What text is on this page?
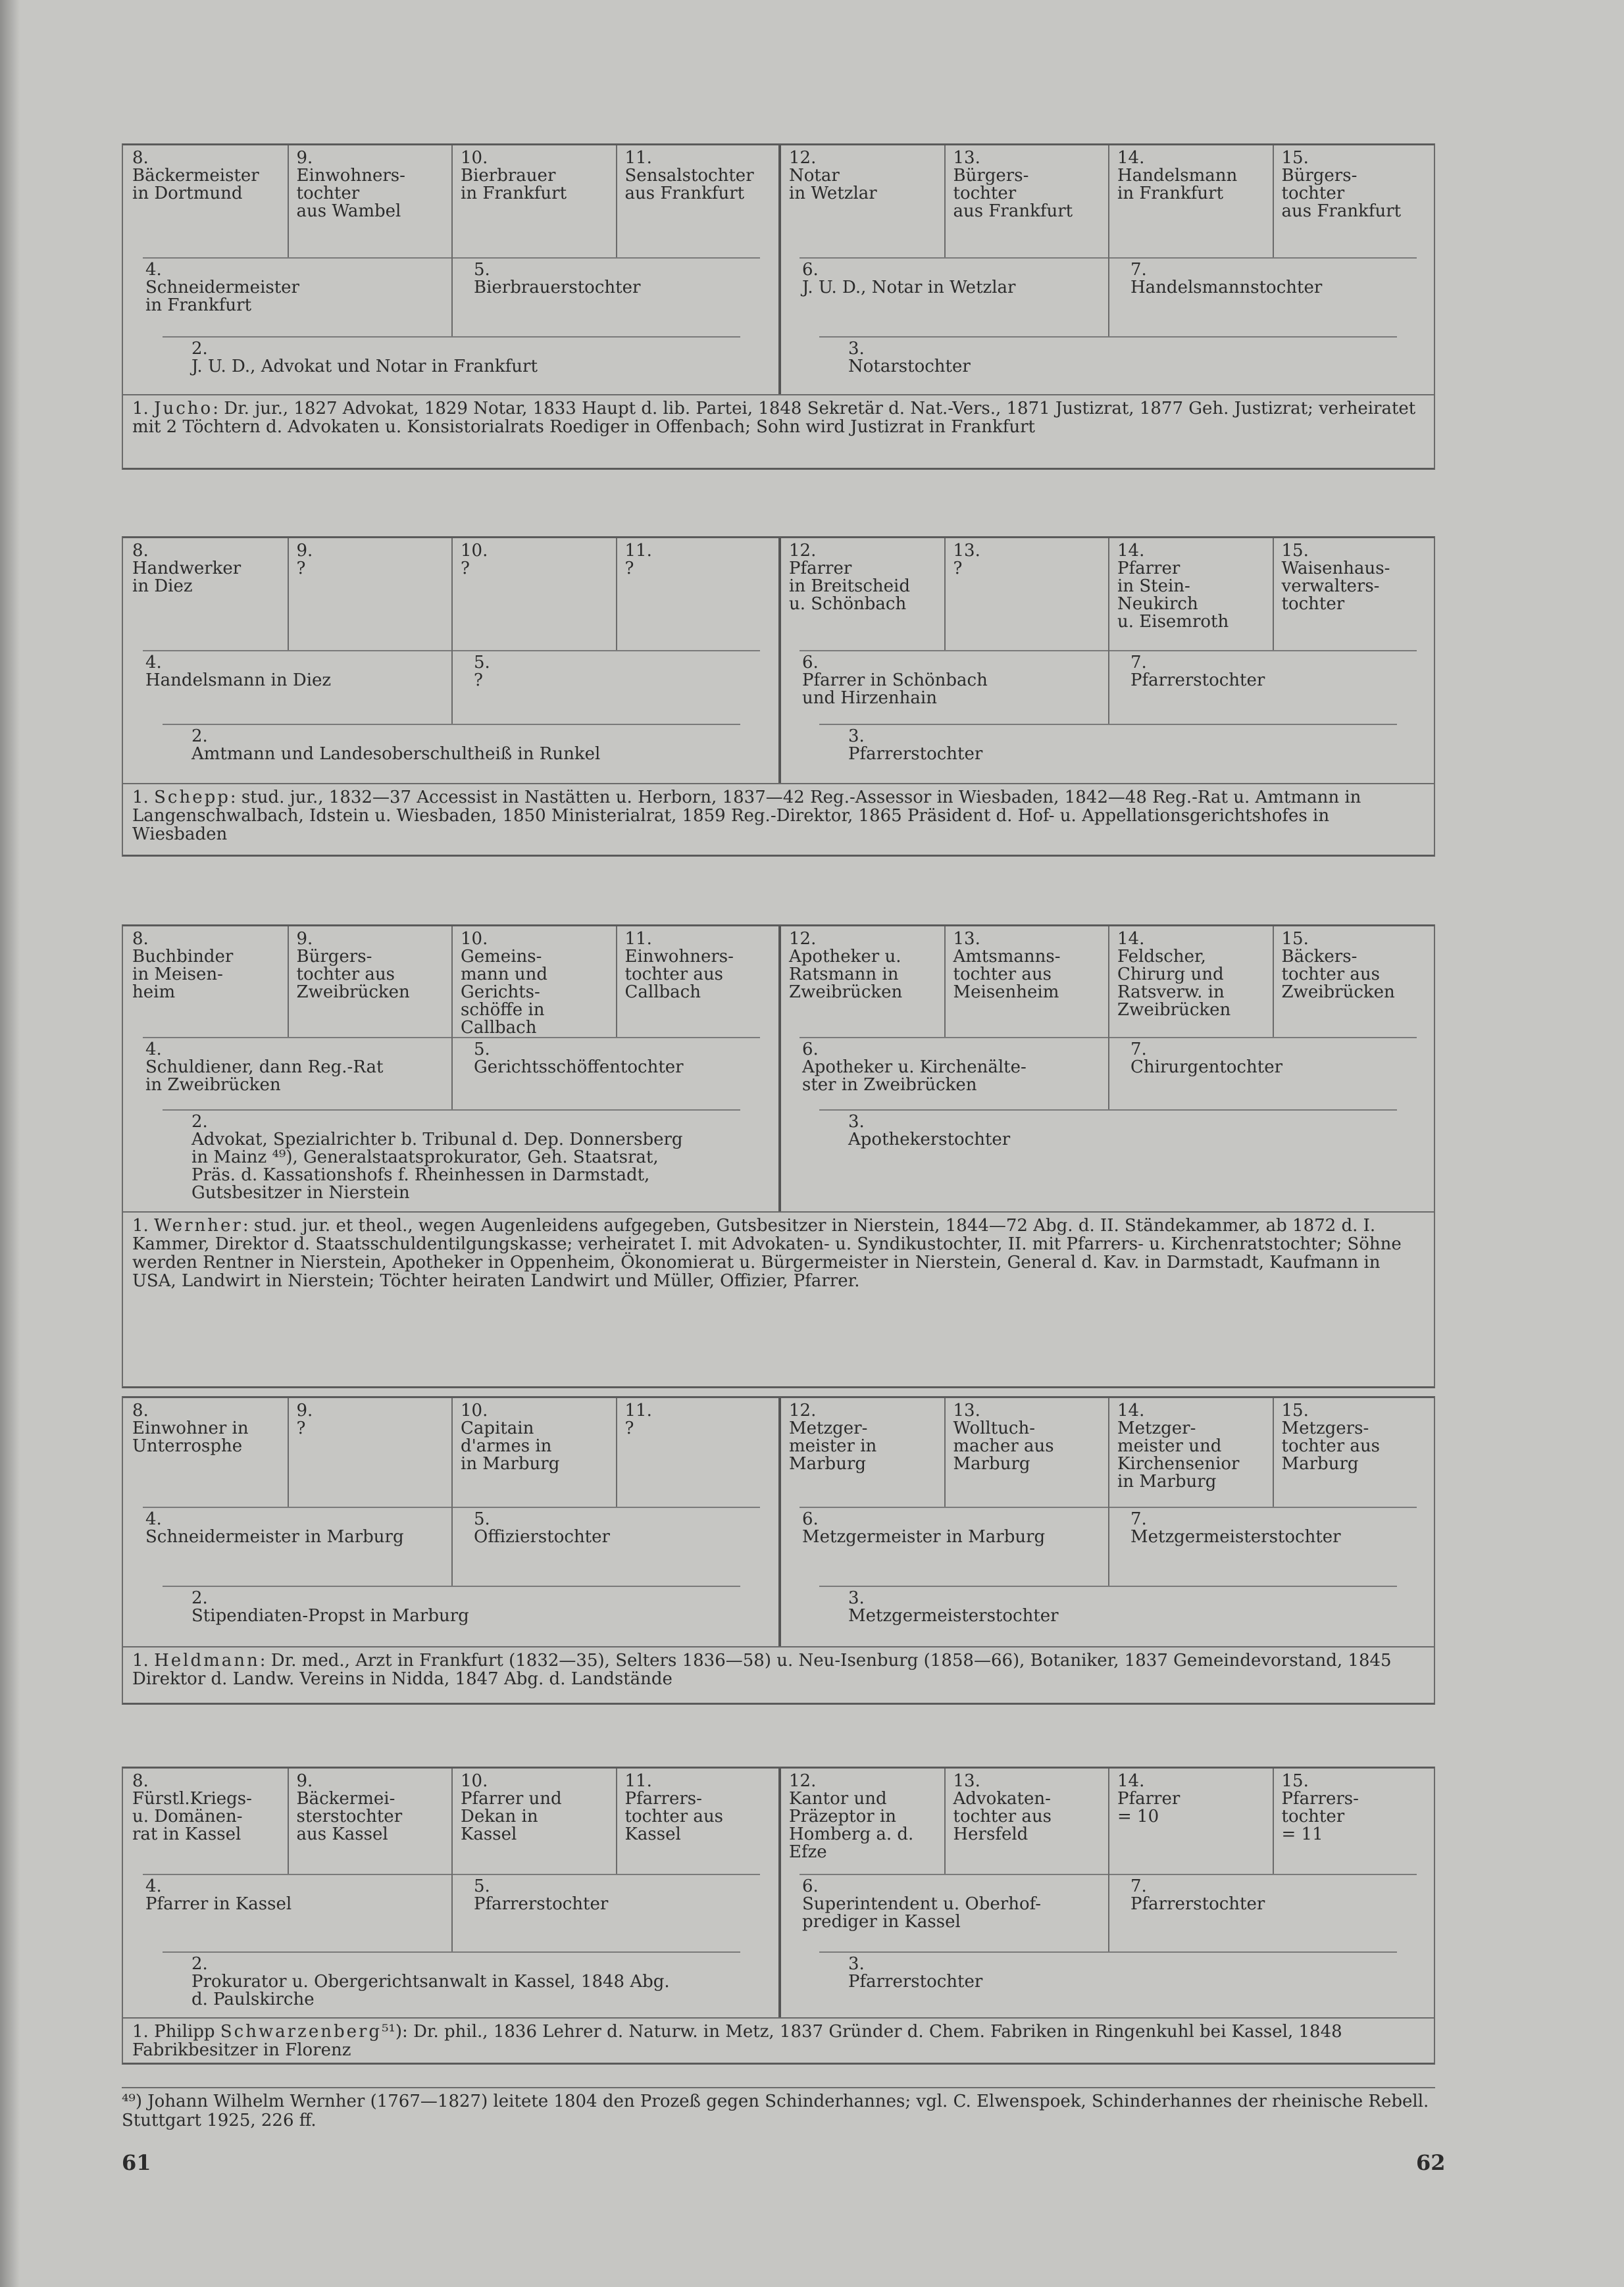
8.
Bäckermeister
in Dortmund
9.
Einwohners-
tochter
aus Wambel
10.
Bierbrauer
in Frankfurt
11.
Sensalstochter
aus Frankfurt
12.
Notar
in Wetzlar
13.
Bürgers-
tochter
aus Frankfurt
14.
Handelsmann
in Frankfurt
15.
Bürgers-
tochter
aus Frankfurt
4.
Schneidermeister
in Frankfurt
5.
Bierbrauerstochter
6.
J. U. D., Notar in Wetzlar
7.
Handelsmannstochter
2.
J. U. D., Advokat und Notar in Frankfurt
3.
Notarstochter
1. Jucho: Dr. jur., 1827 Advokat, 1829 Notar, 1833 Haupt d. lib. Partei, 1848 Sekretär d. Nat.-Vers., 1871 Justizrat, 1877 Geh. Justizrat; verheiratet mit 2 Töchtern d. Advokaten u. Konsistorialrats Roediger in Offenbach; Sohn wird Justizrat in Frankfurt
8.
Handwerker
in Diez
9.
?
10.
?
11.
?
12.
Pfarrer
in Breitscheid
u. Schönbach
13.
?
14.
Pfarrer
in Stein-
Neukirch
u. Eisemroth
15.
Waisenhaus-
verwalters-
tochter
4.
Handelsmann in Diez
5.
?
6.
Pfarrer in Schönbach
und Hirzenhain
7.
Pfarrerstochter
2.
Amtmann und Landesoberschultheiß in Runkel
3.
Pfarrerstochter
1. Schepp: stud. jur., 1832—37 Accessist in Nastätten u. Herborn, 1837—42 Reg.-Assessor in Wiesbaden, 1842—48 Reg.-Rat u. Amtmann in Langenschwalbach, Idstein u. Wiesbaden, 1850 Ministerialrat, 1859 Reg.-Direktor, 1865 Präsident d. Hof- u. Appellationsgerichtshofes in Wiesbaden
8.
Buchbinder
in Meisen-
heim
9.
Bürgers-
tochter aus
Zweibrücken
10.
Gemeins-
mann und
Gerichts-
schöffe in
Callbach
11.
Einwohners-
tochter aus
Callbach
12.
Apotheker u.
Ratsmann in
Zweibrücken
13.
Amtsmanns-
tochter aus
Meisenheim
14.
Feldscher,
Chirurg und
Ratsverw. in
Zweibrücken
15.
Bäckers-
tochter aus
Zweibrücken
4.
Schuldiener, dann Reg.-Rat
in Zweibrücken
5.
Gerichtsschöffentochter
6.
Apotheker u. Kirchenälte-
ster in Zweibrücken
7.
Chirurgentochter
2.
Advokat, Spezialrichter b. Tribunal d. Dep. Donnersberg
in Mainz ⁴⁹), Generalstaatsprokurator, Geh. Staatsrat,
Präs. d. Kassationshofs f. Rheinhessen in Darmstadt,
Gutsbesitzer in Nierstein
3.
Apothekerstochter
1. Wernher: stud. jur. et theol., wegen Augenleidens aufgegeben, Gutsbesitzer in Nierstein, 1844—72 Abg. d. II. Ständekammer, ab 1872 d. I. Kammer, Direktor d. Staatsschuldentilgungskasse; verheiratet I. mit Advokaten- u. Syndikustochter, II. mit Pfarrers- u. Kirchenratstochter; Söhne werden Rentner in Nierstein, Apotheker in Oppenheim, Ökonomierat u. Bürgermeister in Nierstein, General d. Kav. in Darmstadt, Kaufmann in USA, Landwirt in Nierstein; Töchter heiraten Landwirt und Müller, Offizier, Pfarrer.
8.
Einwohner in
Unterrosphe
9.
?
10.
Capitain
d'armes in
in Marburg
11.
?
12.
Metzger-
meister in
Marburg
13.
Wolltuch-
macher aus
Marburg
14.
Metzger-
meister und
Kirchensenior
in Marburg
15.
Metzgers-
tochter aus
Marburg
4.
Schneidermeister in Marburg
5.
Offizierstochter
6.
Metzgermeister in Marburg
7.
Metzgermeisterstochter
2.
Stipendiaten-Propst in Marburg
3.
Metzgermeisterstochter
1. Heldmann: Dr. med., Arzt in Frankfurt (1832—35), Selters 1836—58) u. Neu-Isenburg (1858—66), Botaniker, 1837 Gemeindevorstand, 1845 Direktor d. Landw. Vereins in Nidda, 1847 Abg. d. Landstände
8.
Fürstl.Kriegs-
u. Domänen-
rat in Kassel
9.
Bäckermei-
sterstochter
aus Kassel
10.
Pfarrer und
Dekan in
Kassel
11.
Pfarrers-
tochter aus
Kassel
12.
Kantor und
Präzeptor in
Homberg a. d.
Efze
13.
Advokaten-
tochter aus
Hersfeld
14.
Pfarrer
= 10
15.
Pfarrers-
tochter
= 11
4.
Pfarrer in Kassel
5.
Pfarrerstochter
6.
Superintendent u. Oberhof-
prediger in Kassel
7.
Pfarrerstochter
2.
Prokurator u. Obergerichtsanwalt in Kassel, 1848 Abg.
d. Paulskirche
3.
Pfarrerstochter
1. Philipp Schwarzenberg⁵¹): Dr. phil., 1836 Lehrer d. Naturw. in Metz, 1837 Gründer d. Chem. Fabriken in Ringenkuhl bei Kassel, 1848 Fabrikbesitzer in Florenz
⁴⁹) Johann Wilhelm Wernher (1767—1827) leitete 1804 den Prozeß gegen Schinderhannes; vgl. C. Elwenspoek, Schinderhannes der rheinische Rebell. Stuttgart 1925, 226 ff.
61	62
